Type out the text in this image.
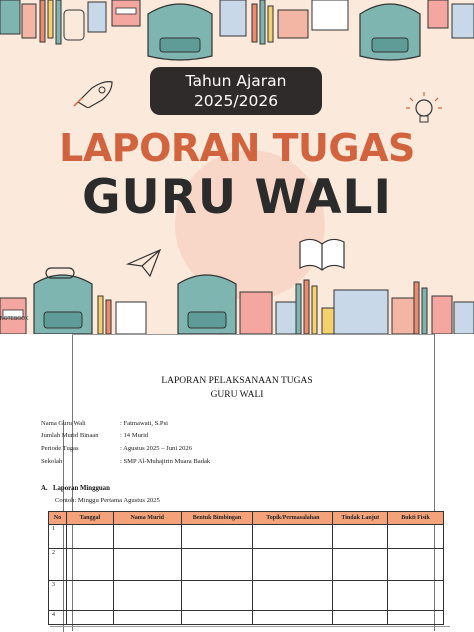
Tahun Ajaran
2025/2026
LAPORAN TUGAS
GURU WALI
NOTEBOOK
LAPORAN PELAKSANAAN TUGAS
GURU WALI
Nama Guru Wali	: Fatmawati, S.Psi
Jumlah Murid Binaan	: 14 Murid
Periode Tugas	: Agustus 2025 – Juni 2026
Sekolah	: SMP Al-Muhajirin Muara Badak
A. Laporan Mingguan
Contoh: Minggu Pertama Agustus 2025
No	Tanggal	Nama Murid	Bentuk Bimbingan	Topik/Permasalahan	Tindak Lanjut	Bukti Fisik
1						
2						
3						
4						
